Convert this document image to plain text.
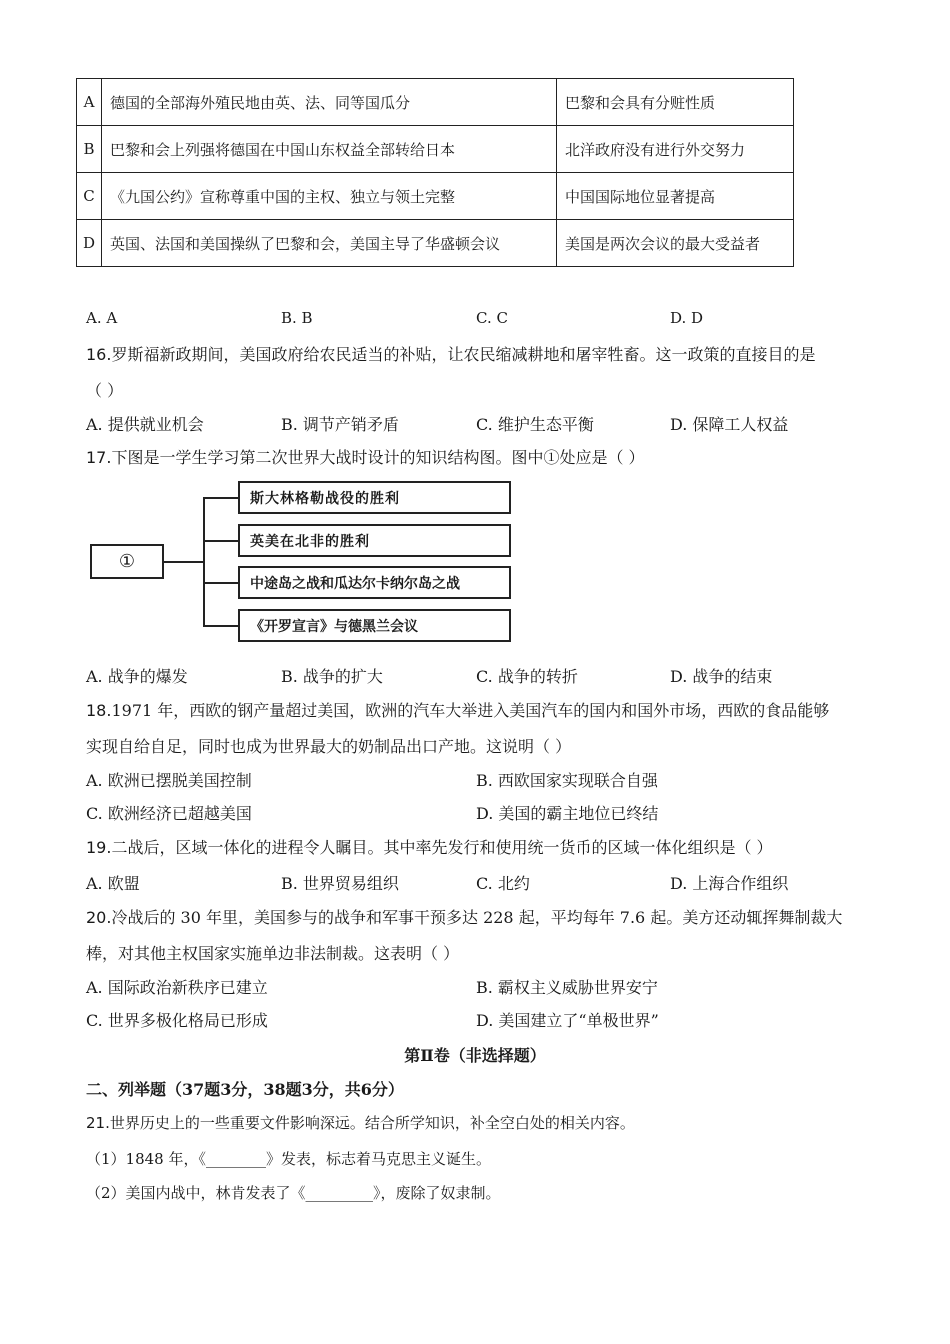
A	德国的全部海外殖民地由英、法、同等国瓜分	巴黎和会具有分赃性质
B	巴黎和会上列强将德国在中国山东权益全部转给日本	北洋政府没有进行外交努力
C	《九国公约》宣称尊重中国的主权、独立与领土完整	中国国际地位显著提高
D	英国、法国和美国操纵了巴黎和会，美国主导了华盛顿会议	美国是两次会议的最大受益者
A. A	B. B	C. C	D. D
16.罗斯福新政期间，美国政府给农民适当的补贴，让农民缩减耕地和屠宰牲畜。这一政策的直接目的是
（ ）
A. 提供就业机会	B. 调节产销矛盾	C. 维护生态平衡	D. 保障工人权益
17.下图是一学生学习第二次世界大战时设计的知识结构图。图中①处应是（ ）
①
斯大林格勒战役的胜利
英美在北非的胜利
中途岛之战和瓜达尔卡纳尔岛之战
《开罗宣言》与德黑兰会议
A. 战争的爆发	B. 战争的扩大	C. 战争的转折	D. 战争的结束
18.1971 年，西欧的钢产量超过美国，欧洲的汽车大举进入美国汽车的国内和国外市场，西欧的食品能够
实现自给自足，同时也成为世界最大的奶制品出口产地。这说明（ ）
A. 欧洲已摆脱美国控制	B. 西欧国家实现联合自强
C. 欧洲经济已超越美国	D. 美国的霸主地位已终结
19.二战后，区域一体化的进程令人瞩目。其中率先发行和使用统一货币的区域一体化组织是（ ）
A. 欧盟	B. 世界贸易组织	C. 北约	D. 上海合作组织
20.冷战后的 30 年里，美国参与的战争和军事干预多达 228 起，平均每年 7.6 起。美方还动辄挥舞制裁大
棒，对其他主权国家实施单边非法制裁。这表明（ ）
A. 国际政治新秩序已建立	B. 霸权主义威胁世界安宁
C. 世界多极化格局已形成	D. 美国建立了“单极世界”
第Ⅱ卷（非选择题）
二、列举题（37题3分，38题3分，共6分）
21.世界历史上的一些重要文件影响深远。结合所学知识，补全空白处的相关内容。
（1）1848 年，《________》发表，标志着马克思主义诞生。
（2）美国内战中，林肯发表了《_________》，废除了奴隶制。
